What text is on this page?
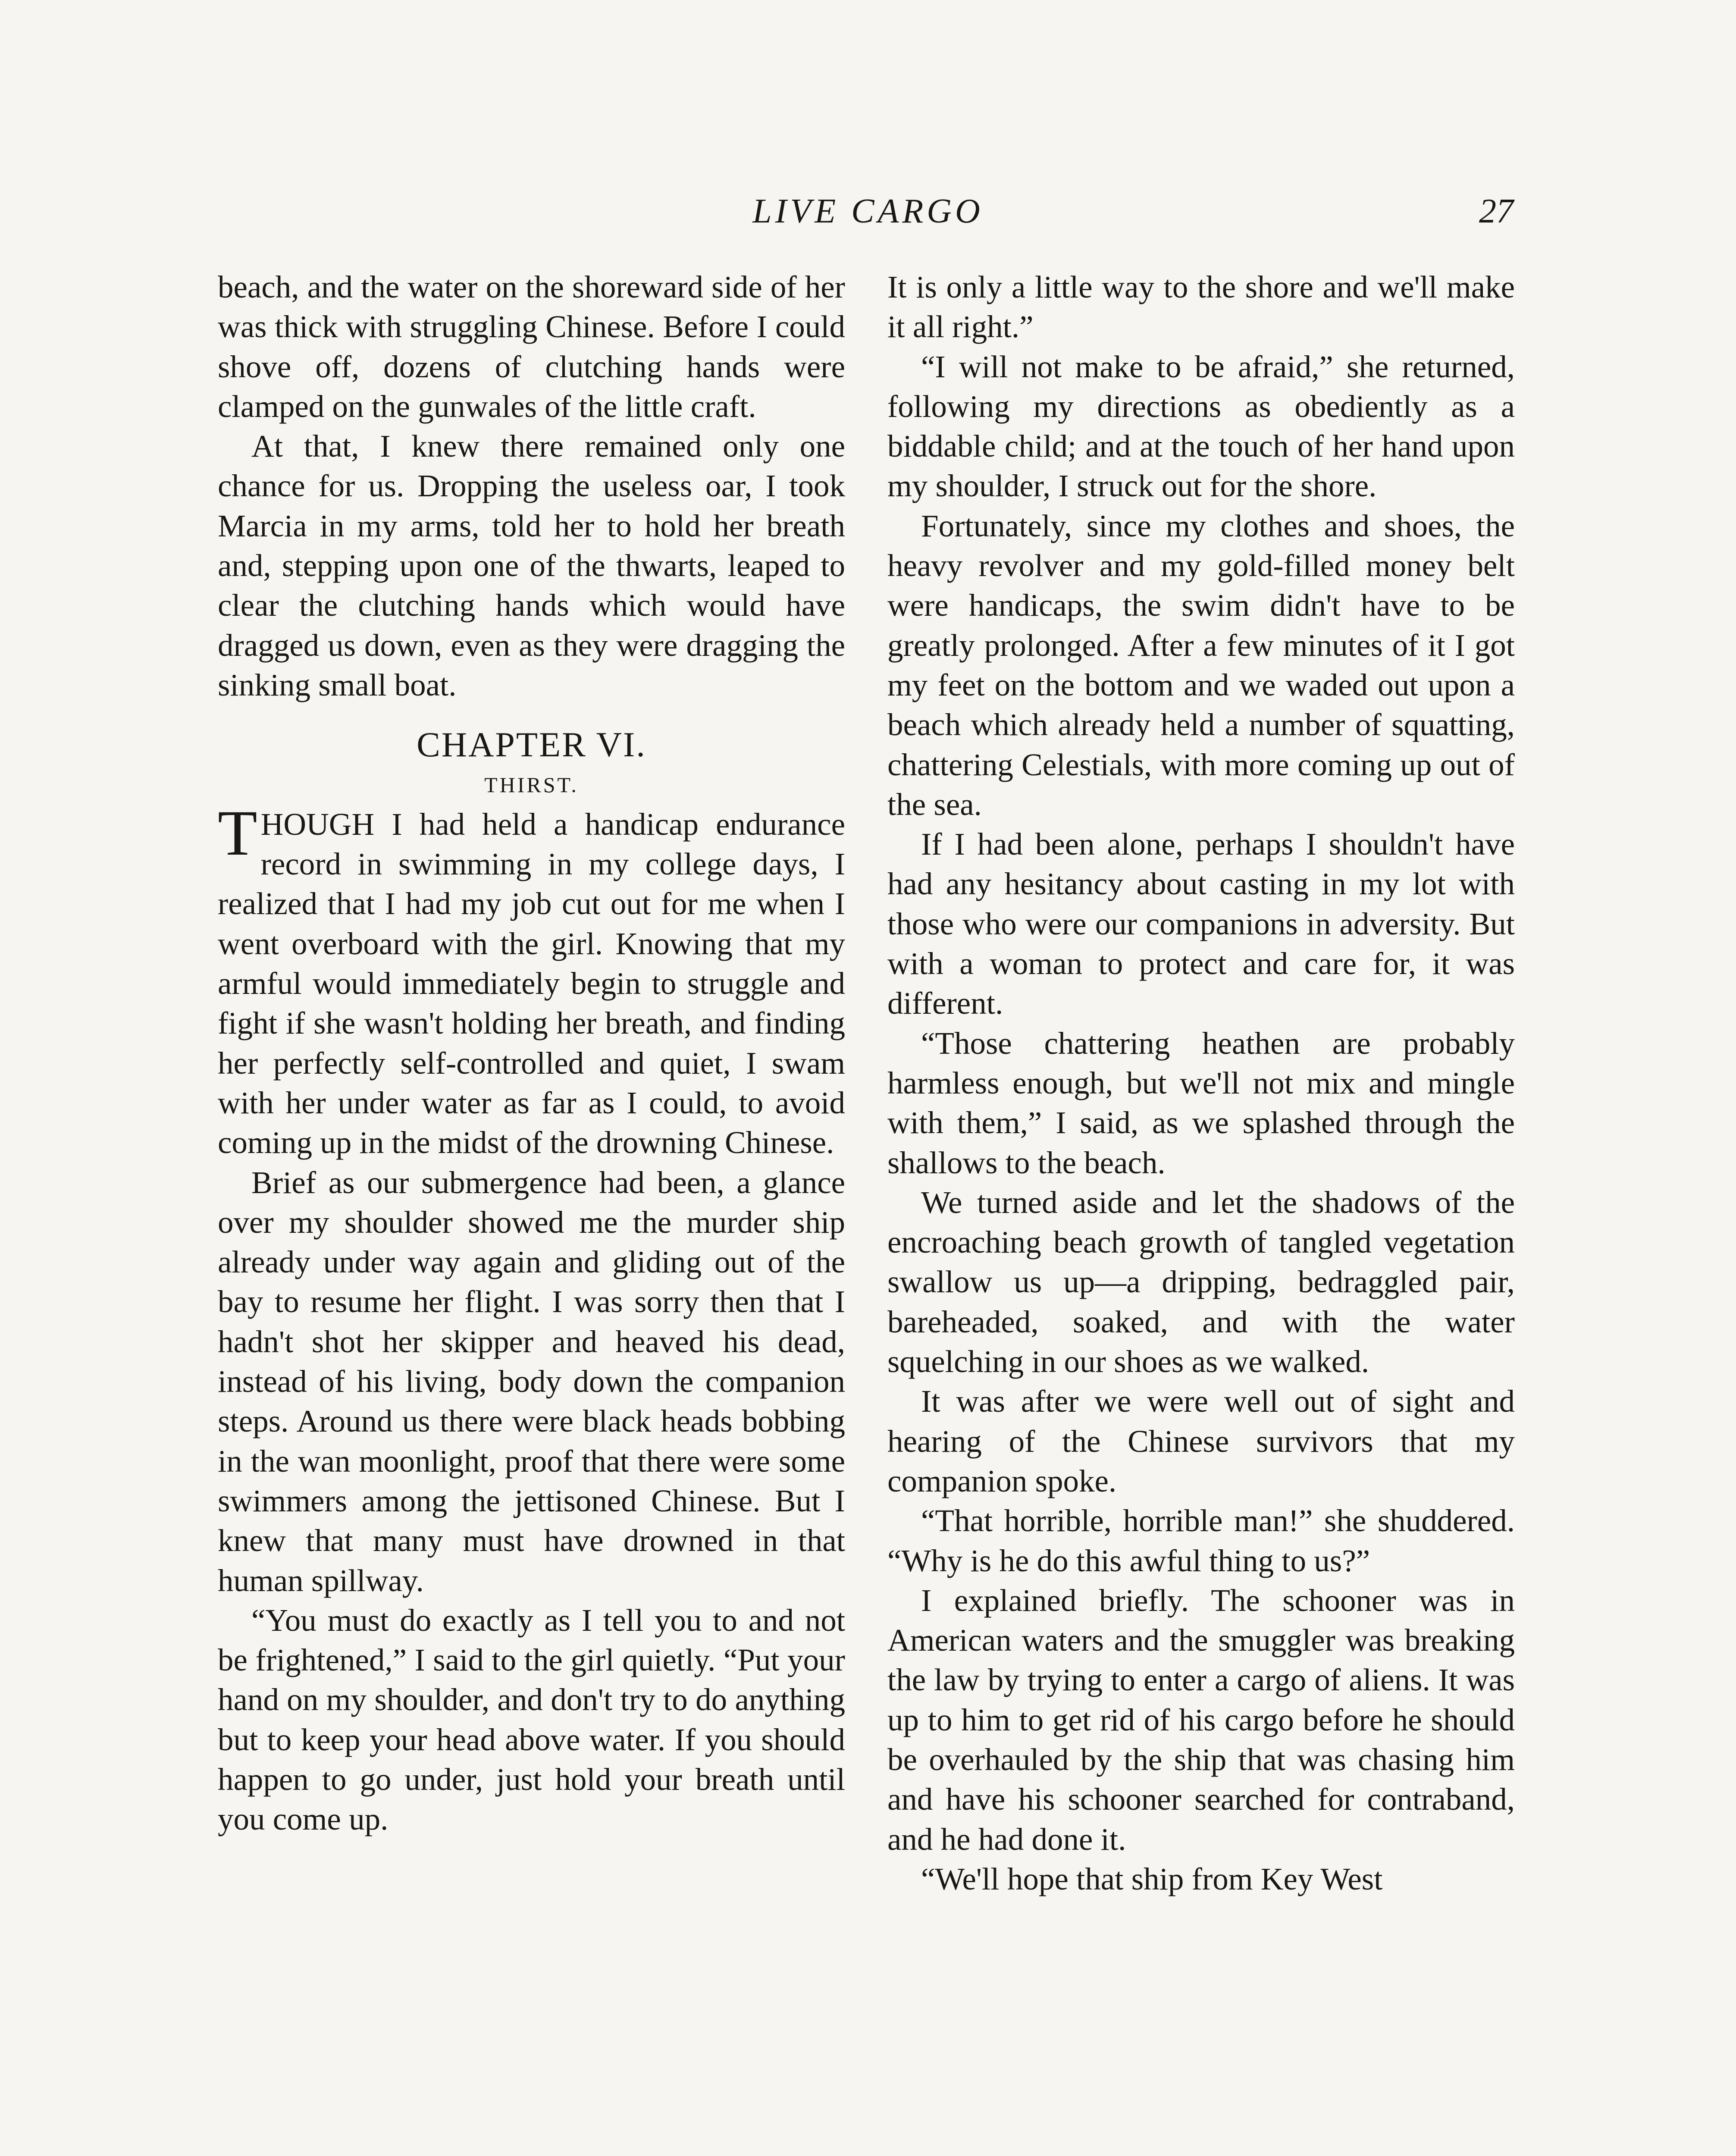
LIVE CARGO	27

beach, and the water on the shoreward side of her was thick with struggling Chinese. Before I could shove off, dozens of clutching hands were clamped on the gunwales of the little craft.

At that, I knew there remained only one chance for us. Dropping the useless oar, I took Marcia in my arms, told her to hold her breath and, stepping upon one of the thwarts, leaped to clear the clutching hands which would have dragged us down, even as they were dragging the sinking small boat.

CHAPTER VI.
THIRST.

THOUGH I had held a handicap endurance record in swimming in my college days, I realized that I had my job cut out for me when I went overboard with the girl. Knowing that my armful would immediately begin to struggle and fight if she wasn't holding her breath, and finding her perfectly self-controlled and quiet, I swam with her under water as far as I could, to avoid coming up in the midst of the drowning Chinese.

Brief as our submergence had been, a glance over my shoulder showed me the murder ship already under way again and gliding out of the bay to resume her flight. I was sorry then that I hadn't shot her skipper and heaved his dead, instead of his living, body down the companion steps. Around us there were black heads bobbing in the wan moonlight, proof that there were some swimmers among the jettisoned Chinese. But I knew that many must have drowned in that human spillway.

“You must do exactly as I tell you to and not be frightened,” I said to the girl quietly. “Put your hand on my shoulder, and don't try to do anything but to keep your head above water. If you should happen to go under, just hold your breath until you come up.

It is only a little way to the shore and we'll make it all right.”

“I will not make to be afraid,” she returned, following my directions as obediently as a biddable child; and at the touch of her hand upon my shoulder, I struck out for the shore.

Fortunately, since my clothes and shoes, the heavy revolver and my gold-filled money belt were handicaps, the swim didn't have to be greatly prolonged. After a few minutes of it I got my feet on the bottom and we waded out upon a beach which already held a number of squatting, chattering Celestials, with more coming up out of the sea.

If I had been alone, perhaps I shouldn't have had any hesitancy about casting in my lot with those who were our companions in adversity. But with a woman to protect and care for, it was different.

“Those chattering heathen are probably harmless enough, but we'll not mix and mingle with them,” I said, as we splashed through the shallows to the beach.

We turned aside and let the shadows of the encroaching beach growth of tangled vegetation swallow us up—a dripping, bedraggled pair, bareheaded, soaked, and with the water squelching in our shoes as we walked.

It was after we were well out of sight and hearing of the Chinese survivors that my companion spoke.

“That horrible, horrible man!” she shuddered. “Why is he do this awful thing to us?”

I explained briefly. The schooner was in American waters and the smuggler was breaking the law by trying to enter a cargo of aliens. It was up to him to get rid of his cargo before he should be overhauled by the ship that was chasing him and have his schooner searched for contraband, and he had done it.

“We'll hope that ship from Key West
